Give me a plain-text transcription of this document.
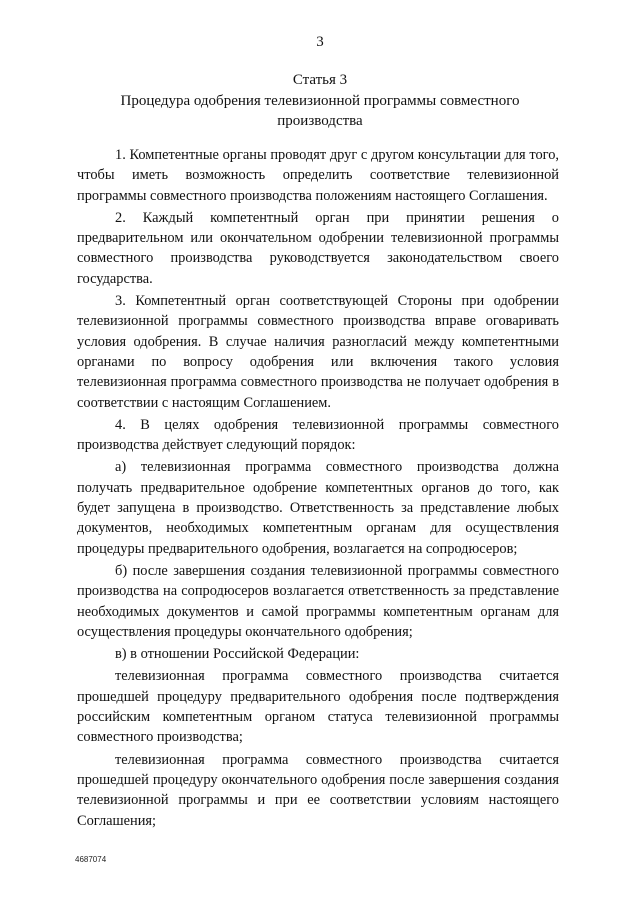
3
Статья 3
Процедура одобрения телевизионной программы совместного производства

1. Компетентные органы проводят друг с другом консультации для того, чтобы иметь возможность определить соответствие телевизионной программы совместного производства положениям настоящего Соглашения.

2. Каждый компетентный орган при принятии решения о предварительном или окончательном одобрении телевизионной программы совместного производства руководствуется законодательством своего государства.

3. Компетентный орган соответствующей Стороны при одобрении телевизионной программы совместного производства вправе оговаривать условия одобрения. В случае наличия разногласий между компетентными органами по вопросу одобрения или включения такого условия телевизионная программа совместного производства не получает одобрения в соответствии с настоящим Соглашением.

4. В целях одобрения телевизионной программы совместного производства действует следующий порядок:

а) телевизионная программа совместного производства должна получать предварительное одобрение компетентных органов до того, как будет запущена в производство. Ответственность за представление любых документов, необходимых компетентным органам для осуществления процедуры предварительного одобрения, возлагается на сопродюсеров;

б) после завершения создания телевизионной программы совместного производства на сопродюсеров возлагается ответственность за представление необходимых документов и самой программы компетентным органам для осуществления процедуры окончательного одобрения;

в) в отношении Российской Федерации:

телевизионная программа совместного производства считается прошедшей процедуру предварительного одобрения после подтверждения российским компетентным органом статуса телевизионной программы совместного производства;

телевизионная программа совместного производства считается прошедшей процедуру окончательного одобрения после завершения создания телевизионной программы и при ее соответствии условиям настоящего Соглашения;

4687074
